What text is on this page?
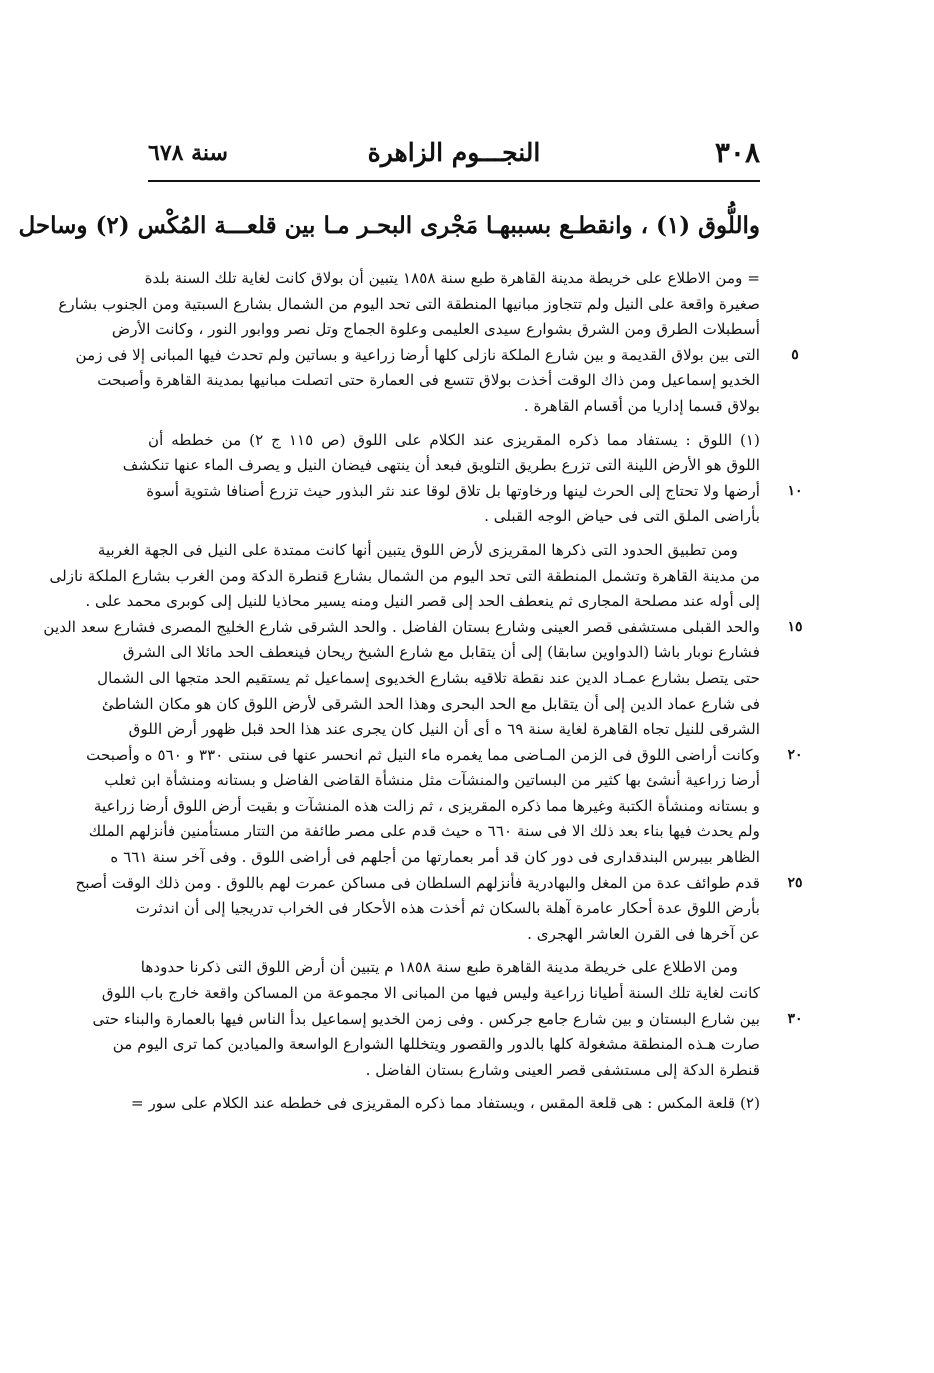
٣٠٨
النجـــوم الزاهرة
سنة ٦٧٨
واللُّوق (١) ، وانقطـع بسببهـا مَجْرى البحـر مـا بين قلعـــة المُكْس (٢) وساحل
= ومن الاطلاع على خريطة مدينة القاهرة طبع سنة ١٨٥٨ يتبين أن بولاق كانت لغاية تلك السنة بلدة
صغيرة واقعة على النيل ولم تتجاوز مبانيها المنطقة التى تحد اليوم من الشمال بشارع السبتية ومن الجنوب بشارع
أسطبلات الطرق ومن الشرق بشوارع سيدى العليمى وعلوة الجماج وتل نصر ووابور النور ، وكانت الأرض
التى بين بولاق القديمة و بين شارع الملكة نازلى كلها أرضا زراعية و بساتين ولم تحدث فيها المبانى إلا فى زمن
الخديو إسماعيل ومن ذاك الوقت أخذت بولاق تتسع فى العمارة حتى اتصلت مبانيها بمدينة القاهرة وأصبحت
بولاق قسما إداريا من أقسام القاهرة .
(١) اللوق : يستفاد مما ذكره المقريزى عند الكلام على اللوق (ص ١١٥ ج ٢) من خططه أن
اللوق هو الأرض اللينة التى تزرع بطريق التلويق فبعد أن ينتهى فيضان النيل و يصرف الماء عنها تنكشف
أرضها ولا تحتاج إلى الحرث لينها ورخاوتها بل تلاق لوقا عند نثر البذور حيث تزرع أصنافا شتوية أسوة
بأراضى الملق التى فى حياض الوجه القبلى .
ومن تطبيق الحدود التى ذكرها المقريزى لأرض اللوق يتبين أنها كانت ممتدة على النيل فى الجهة الغربية
من مدينة القاهرة وتشمل المنطقة التى تحد اليوم من الشمال بشارع قنطرة الدكة ومن الغرب بشارع الملكة نازلى
إلى أوله عند مصلحة المجارى ثم ينعطف الحد إلى قصر النيل ومنه يسير محاذيا للنيل إلى كوبرى محمد على .
والحد القبلى مستشفى قصر العينى وشارع بستان الفاضل . والحد الشرقى شارع الخليج المصرى فشارع سعد الدين
فشارع نوبار باشا (الدواوين سابقا) إلى أن يتقابل مع شارع الشيخ ريحان فينعطف الحد مائلا الى الشرق
حتى يتصل بشارع عمـاد الدين عند نقطة تلاقيه بشارع الخديوى إسماعيل ثم يستقيم الحد متجها الى الشمال
فى شارع عماد الدين إلى أن يتقابل مع الحد البحرى وهذا الحد الشرقى لأرض اللوق كان هو مكان الشاطئ
الشرقى للنيل تجاه القاهرة لغاية سنة ٦٩ ه أى أن النيل كان يجرى عند هذا الحد قبل ظهور أرض اللوق
وكانت أراضى اللوق فى الزمن المـاضى مما يغمره ماء النيل ثم انحسر عنها فى سنتى ٣٣٠ و ٥٦٠ ه وأصبحت
أرضا زراعية أنشئ بها كثير من البساتين والمنشآت مثل منشأة القاضى الفاضل و بستانه ومنشأة ابن ثعلب
و بستانه ومنشأة الكتبة وغيرها مما ذكره المقريزى ، ثم زالت هذه المنشآت و بقيت أرض اللوق أرضا زراعية
ولم يحدث فيها بناء بعد ذلك الا فى سنة ٦٦٠ ه حيث قدم على مصر طائفة من التتار مستأمنين فأنزلهم الملك
الظاهر بيبرس البندقدارى فى دور كان قد أمر بعمارتها من أجلهم فى أراضى اللوق . وفى آخر سنة ٦٦١ ه
قدم طوائف عدة من المغل والبهادرية فأنزلهم السلطان فى مساكن عمرت لهم باللوق . ومن ذلك الوقت أصبح
بأرض اللوق عدة أحكار عامرة آهلة بالسكان ثم أخذت هذه الأحكار فى الخراب تدريجيا إلى أن اندثرت
عن آخرها فى القرن العاشر الهجرى .
ومن الاطلاع على خريطة مدينة القاهرة طبع سنة ١٨٥٨ م يتبين أن أرض اللوق التى ذكرنا حدودها
كانت لغاية تلك السنة أطيانا زراعية وليس فيها من المبانى الا مجموعة من المساكن واقعة خارج باب اللوق
بين شارع البستان و بين شارع جامع جركس . وفى زمن الخديو إسماعيل بدأ الناس فيها بالعمارة والبناء حتى
صارت هـذه المنطقة مشغولة كلها بالدور والقصور ويتخللها الشوارع الواسعة والميادين كما ترى اليوم من
قنطرة الدكة إلى مستشفى قصر العينى وشارع بستان الفاضل .
(٢) قلعة المكس : هى قلعة المقس ، ويستفاد مما ذكره المقريزى فى خططه عند الكلام على سور =
٥
١٠
١٥
٢٠
٢٥
٣٠
